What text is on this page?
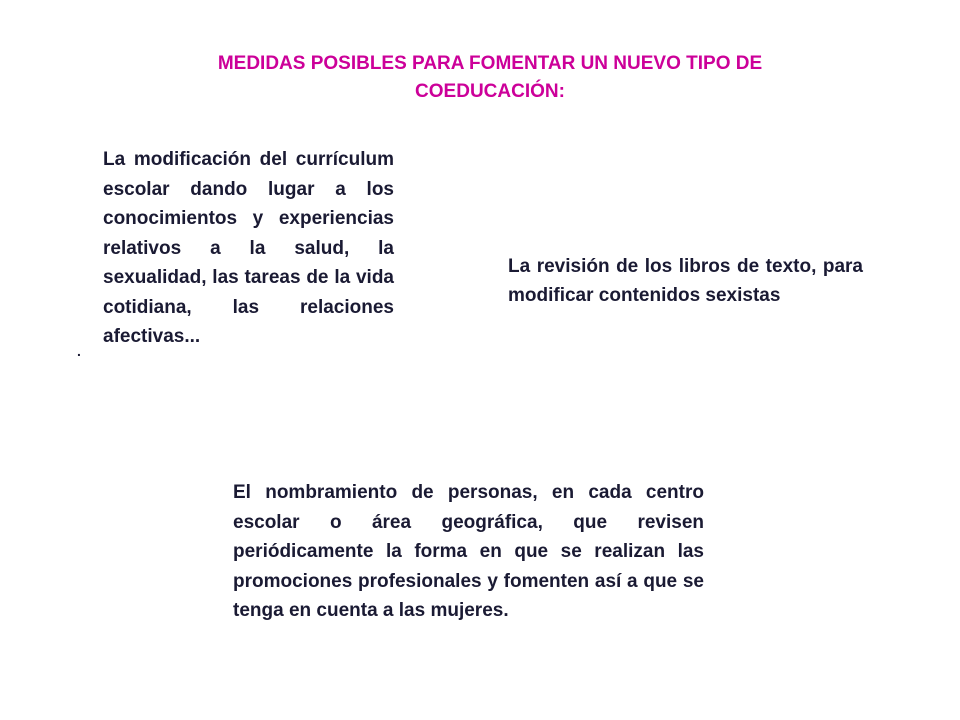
MEDIDAS POSIBLES PARA FOMENTAR UN NUEVO TIPO DE
COEDUCACIÓN:
La modificación del currículum escolar dando lugar a los conocimientos y experiencias relativos a la salud, la sexualidad, las tareas de la vida cotidiana, las relaciones afectivas...
.
La revisión de los libros de texto, para modificar contenidos sexistas
El nombramiento de personas, en cada centro escolar o área geográfica, que revisen periódicamente la forma en que se realizan las promociones profesionales y fomenten así a que se tenga en cuenta a las mujeres.
